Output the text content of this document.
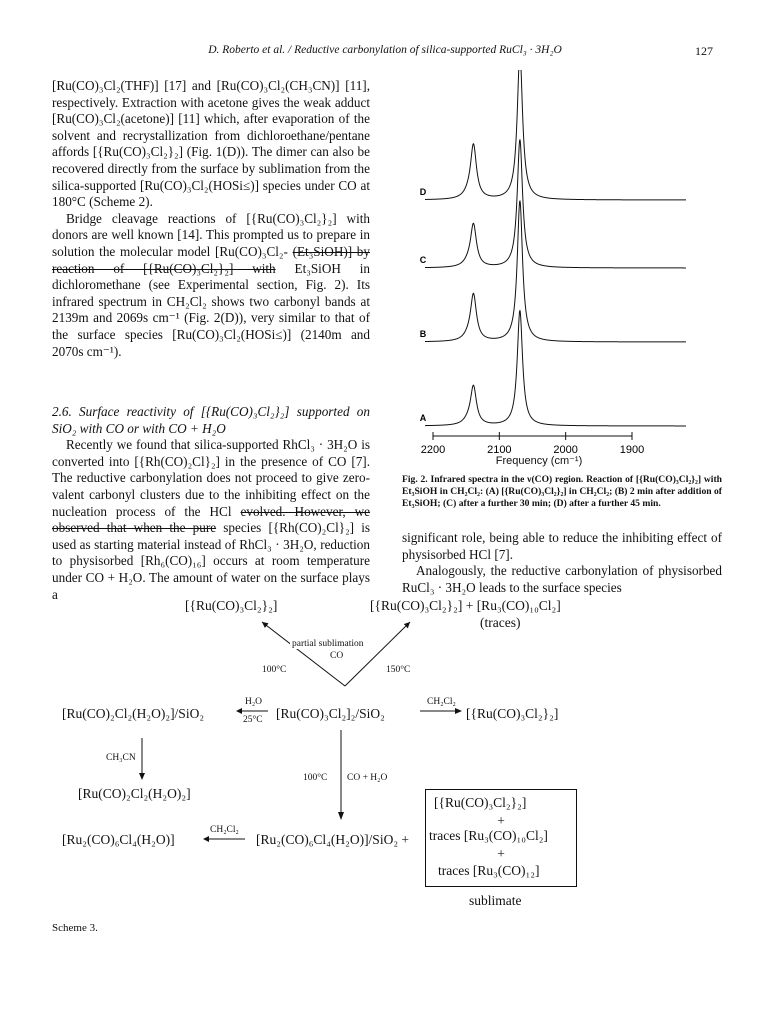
D. Roberto et al. / Reductive carbonylation of silica-supported RuCl₃ · 3H₂O	127

[Ru(CO)₃Cl₂(THF)] [17] and [Ru(CO)₃Cl₂(CH₃CN)] [11], respectively. Extraction with acetone gives the weak adduct [Ru(CO)₃Cl₂(acetone)] [11] which, after evaporation of the solvent and recrystallization from dichloroethane/pentane affords [{Ru(CO)₃Cl₂}₂] (Fig. 1(D)). The dimer can also be recovered directly from the surface by sublimation from the silica-supported [Ru(CO)₃Cl₂(HOSi≤)] species under CO at 180°C (Scheme 2).

Bridge cleavage reactions of [{Ru(CO)₃Cl₂}₂] with donors are well known [14]. This prompted us to prepare in solution the molecular model [Ru(CO)₃Cl₂- (Et₃SiOH)] by reaction of [{Ru(CO)₃Cl₂}₂] with Et₃SiOH in dichloromethane (see Experimental section, Fig. 2). Its infrared spectrum in CH₂Cl₂ shows two carbonyl bands at 2139m and 2069s cm⁻¹ (Fig. 2(D)), very similar to that of the surface species [Ru(CO)₃Cl₂(HOSi≤)] (2140m and 2070s cm⁻¹).

2.6. Surface reactivity of [{Ru(CO)₃Cl₂}₂] supported on SiO₂ with CO or with CO + H₂O

Recently we found that silica-supported RhCl₃ · 3H₂O is converted into [{Rh(CO)₂Cl}₂] in the presence of CO [7]. The reductive carbonylation does not proceed to give zero-valent carbonyl clusters due to the inhibiting effect on the nucleation process of the HCl evolved. However, we observed that when the pure species [{Rh(CO)₂Cl}₂] is used as starting material instead of RhCl₃ · 3H₂O, reduction to physisorbed [Rh₆(CO)₁₆] occurs at room temperature under CO + H₂O. The amount of water on the surface plays a

A
B
C
D
2200	2100	2000	1900
Frequency (cm⁻¹)
Fig. 2. Infrared spectra in the ν(CO) region. Reaction of [{Ru(CO)₃Cl₂}₂] with Et₃SiOH in CH₂Cl₂: (A) [{Ru(CO)₃Cl₂}₂] in CH₂Cl₂; (B) 2 min after addition of Et₃SiOH; (C) after a further 30 min; (D) after a further 45 min.

significant role, being able to reduce the inhibiting effect of physisorbed HCl [7].

Analogously, the reductive carbonylation of physisorbed RuCl₃ · 3H₂O leads to the surface species

[{Ru(CO)₃Cl₂}₂]	[{Ru(CO)₃Cl₂}₂] + [Ru₃(CO)₁₀Cl₂]
(traces)
partial sublimation
CO
100°C	150°C
[Ru(CO)₂Cl₂(H₂O)₂]/SiO₂
H₂O
25°C [Ru(CO)₃Cl₂]₂/SiO₂
CH₂Cl₂
[{Ru(CO)₃Cl₂}₂]
CH₃CN
[Ru(CO)₂Cl₂(H₂O)₂]
100°C CO + H₂O
[Ru₂(CO)₆Cl₄(H₂O)]
CH₂Cl₂
[Ru₂(CO)₆Cl₄(H₂O)]/SiO₂ +
[{Ru(CO)₃Cl₂}₂]
+
traces [Ru₃(CO)₁₀Cl₂]
+
traces [Ru₃(CO)₁₂]
sublimate
Scheme 3.
